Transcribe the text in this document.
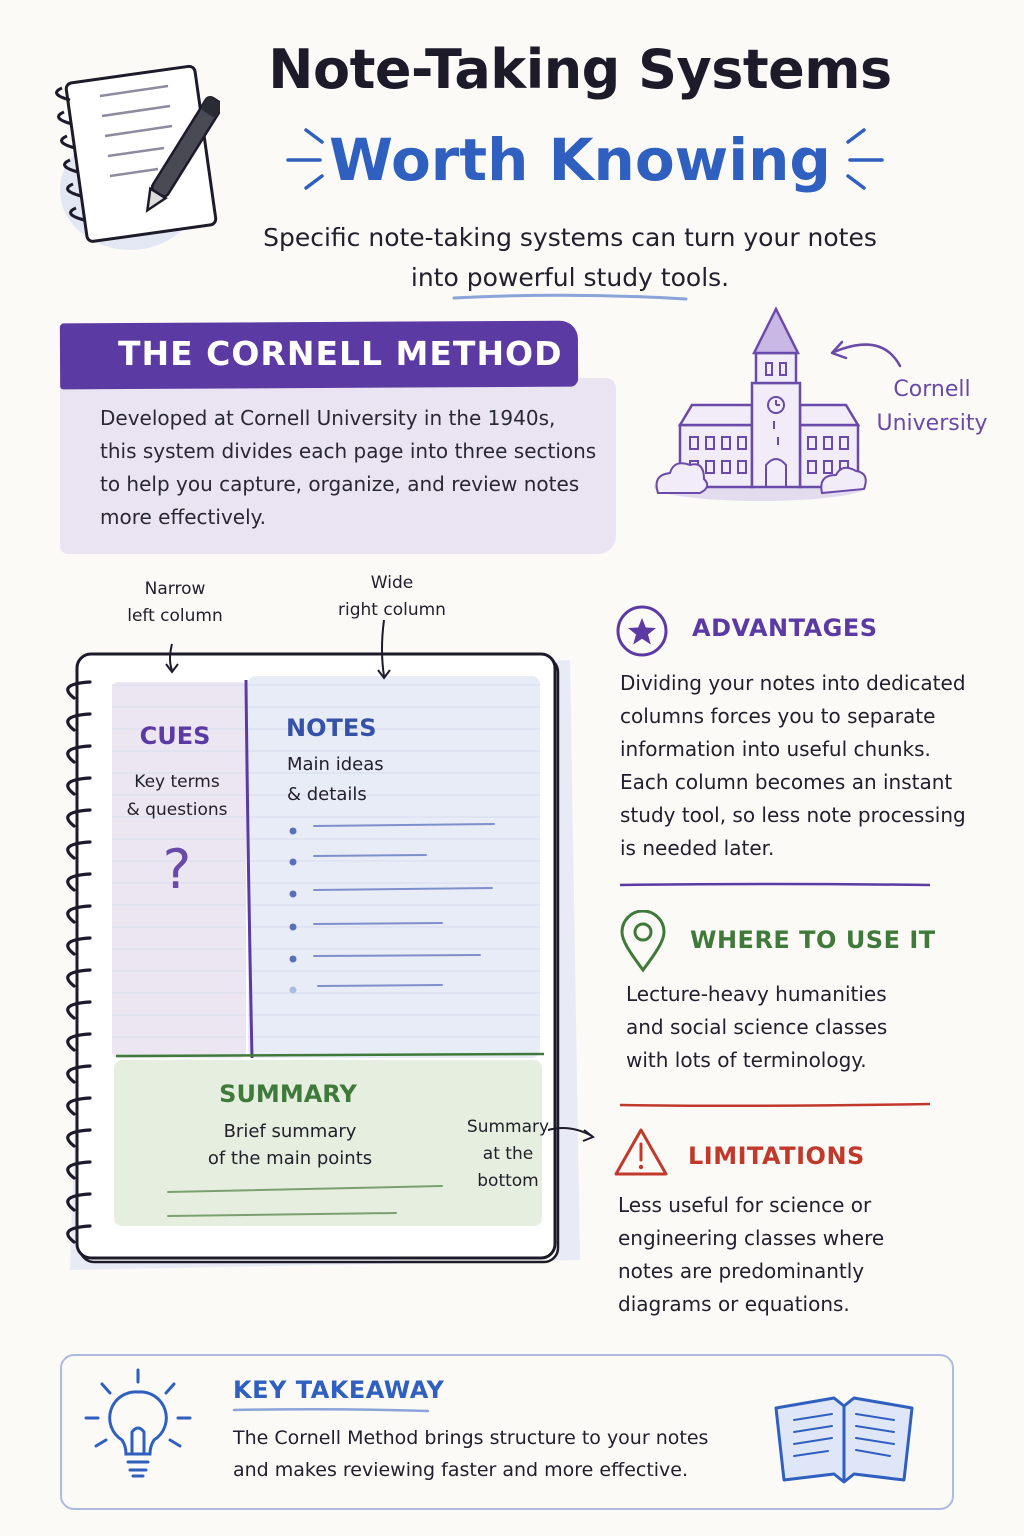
Note-Taking Systems
Worth Knowing
Specific note-taking systems can turn your notes
into powerful study tools.
THE CORNELL METHOD
Developed at Cornell University in the 1940s,
this system divides each page into three sections
to help you capture, organize, and review notes
more effectively.
Cornell
University
Narrow
left column
Wide
right column
CUES
Key terms
& questions
?
NOTES
Main ideas
& details
SUMMARY
Brief summary
of the main points
Summary
at the
bottom
ADVANTAGES
Dividing your notes into dedicated
columns forces you to separate
information into useful chunks.
Each column becomes an instant
study tool, so less note processing
is needed later.
WHERE TO USE IT
Lecture-heavy humanities
and social science classes
with lots of terminology.
LIMITATIONS
Less useful for science or
engineering classes where
notes are predominantly
diagrams or equations.
KEY TAKEAWAY
The Cornell Method brings structure to your notes
and makes reviewing faster and more effective.
